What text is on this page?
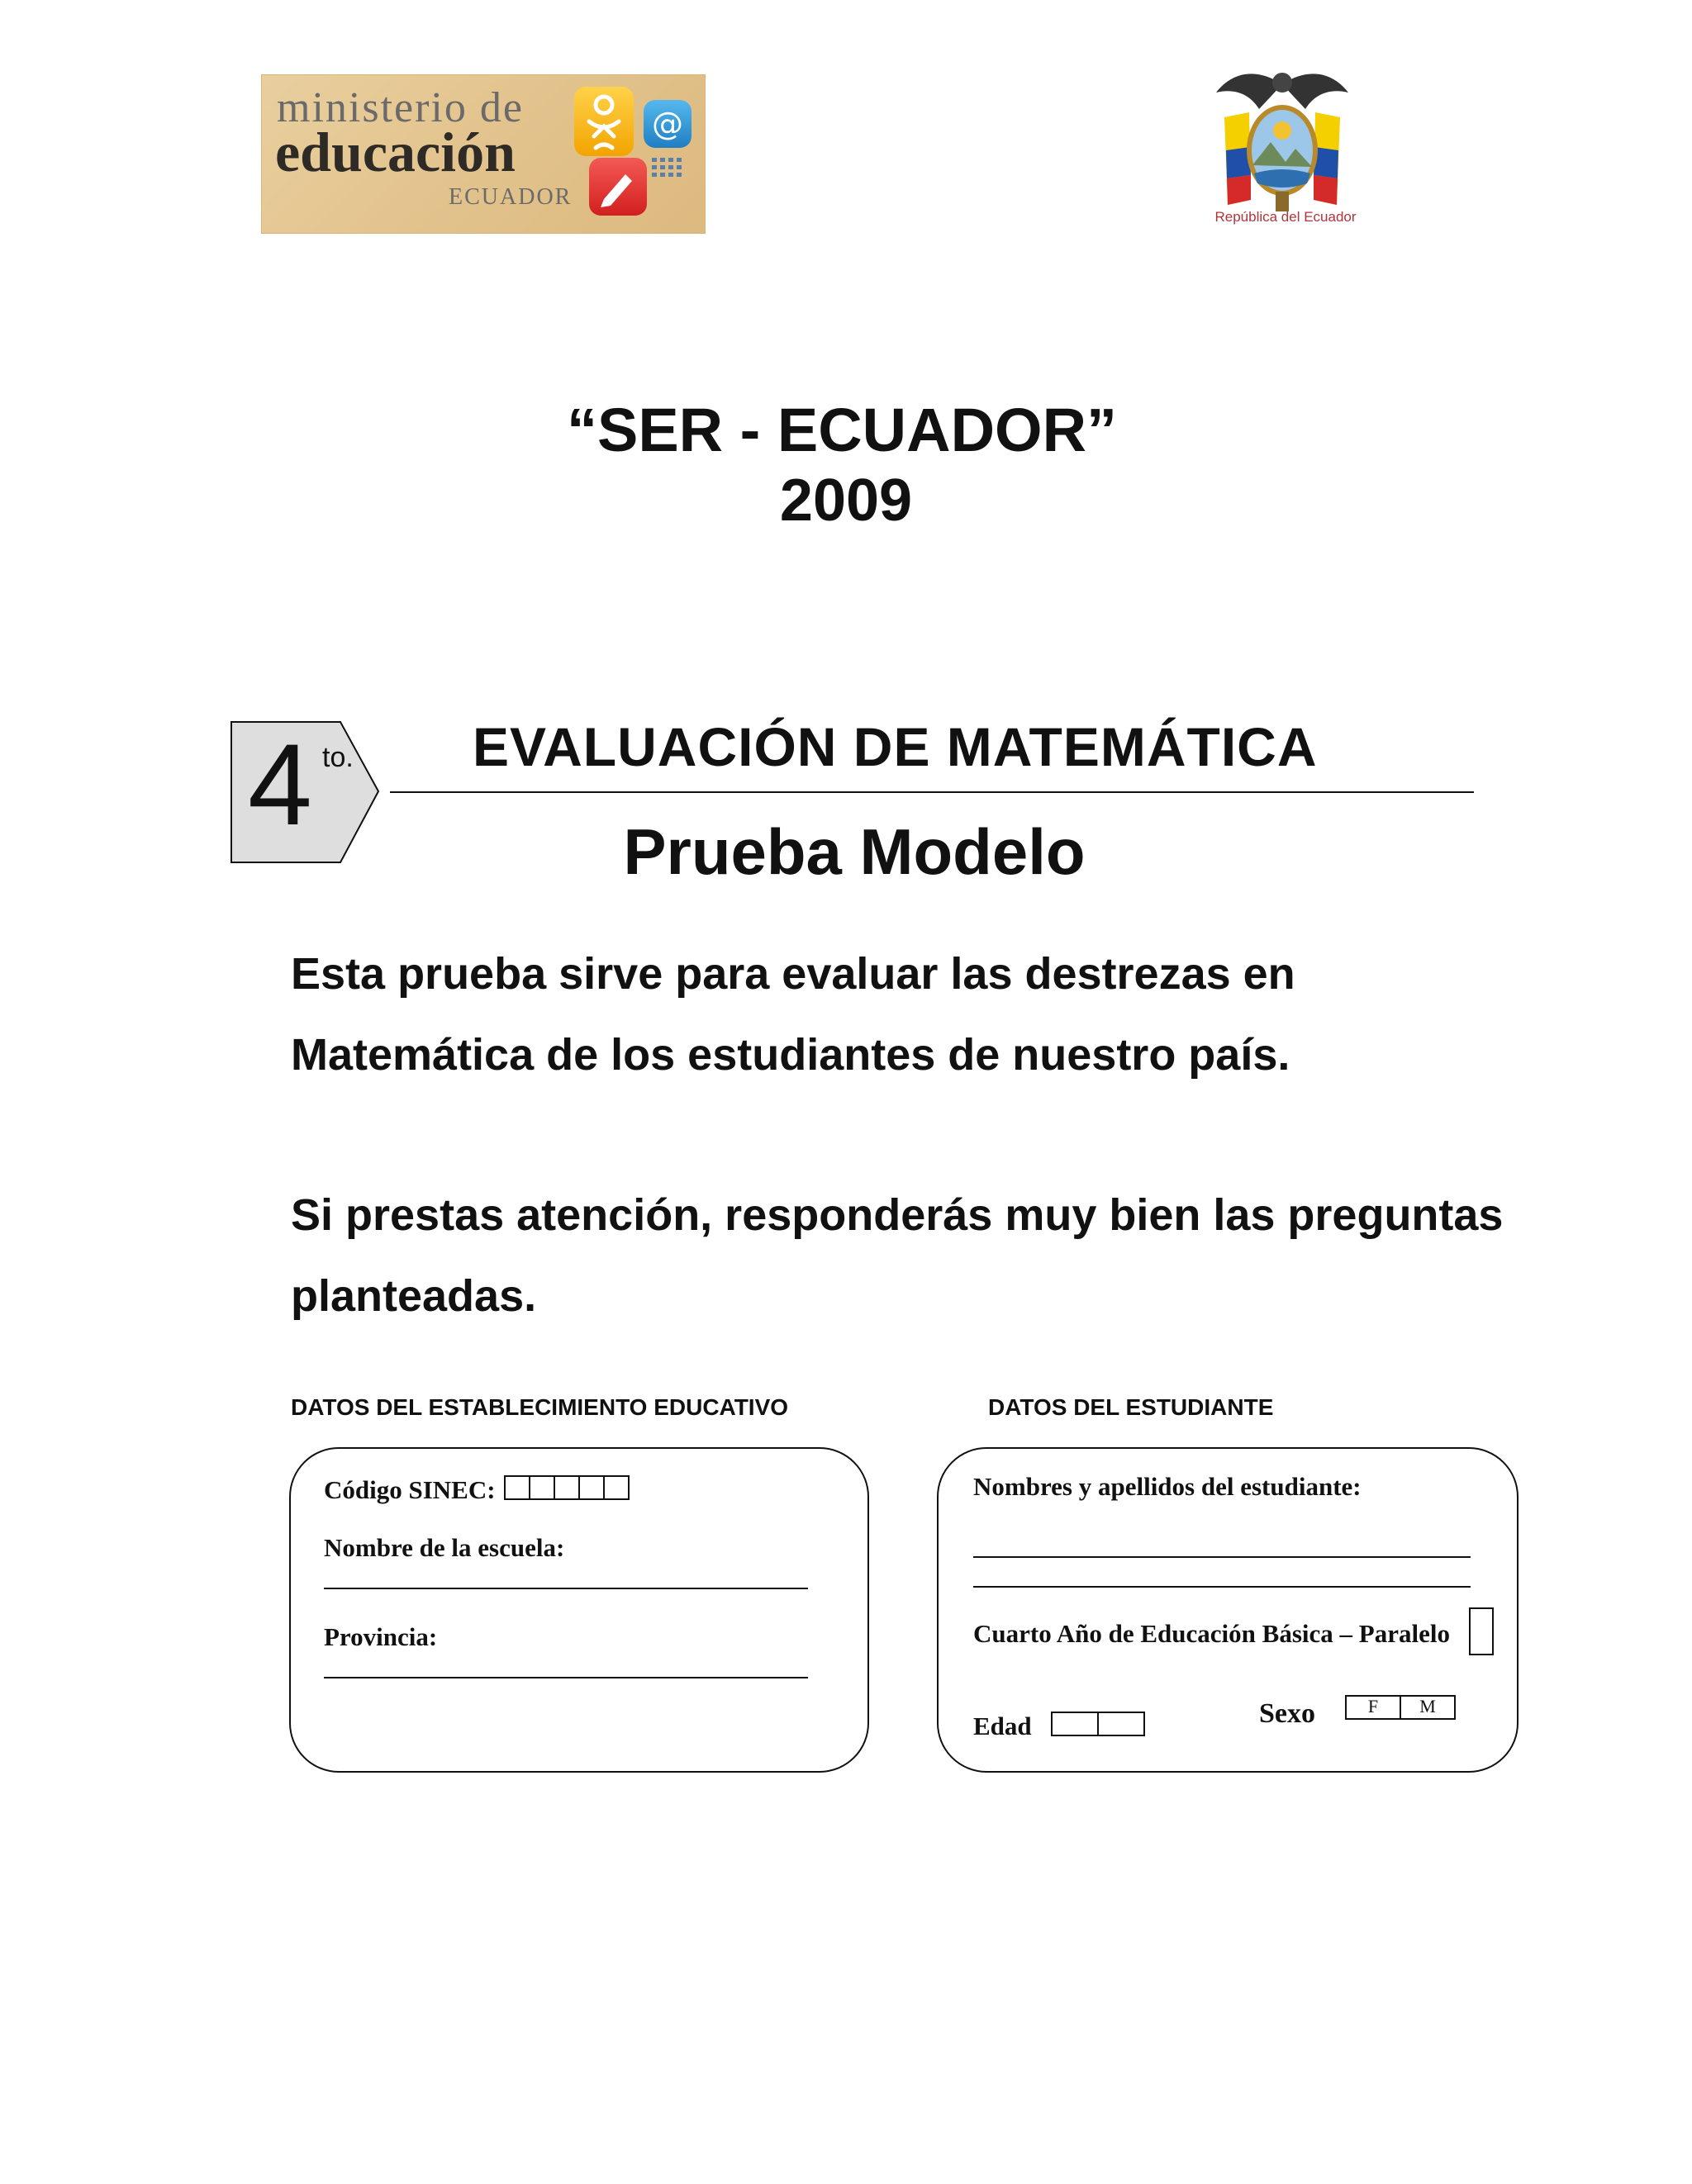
ministerio de
educación
ECUADOR
@
República del Ecuador
“SER - ECUADOR”
2009
4 to. EVALUACIÓN DE MATEMÁTICA
Prueba Modelo
Esta prueba sirve para evaluar las destrezas en Matemática de los estudiantes de nuestro país.
Si prestas atención, responderás muy bien las preguntas planteadas.
DATOS DEL ESTABLECIMIENTO EDUCATIVO	DATOS DEL ESTUDIANTE
Código SINEC:
Nombre de la escuela:
Provincia:
Nombres y apellidos del estudiante:
Cuarto Año de Educación Básica – Paralelo
Edad	Sexo	F	M
